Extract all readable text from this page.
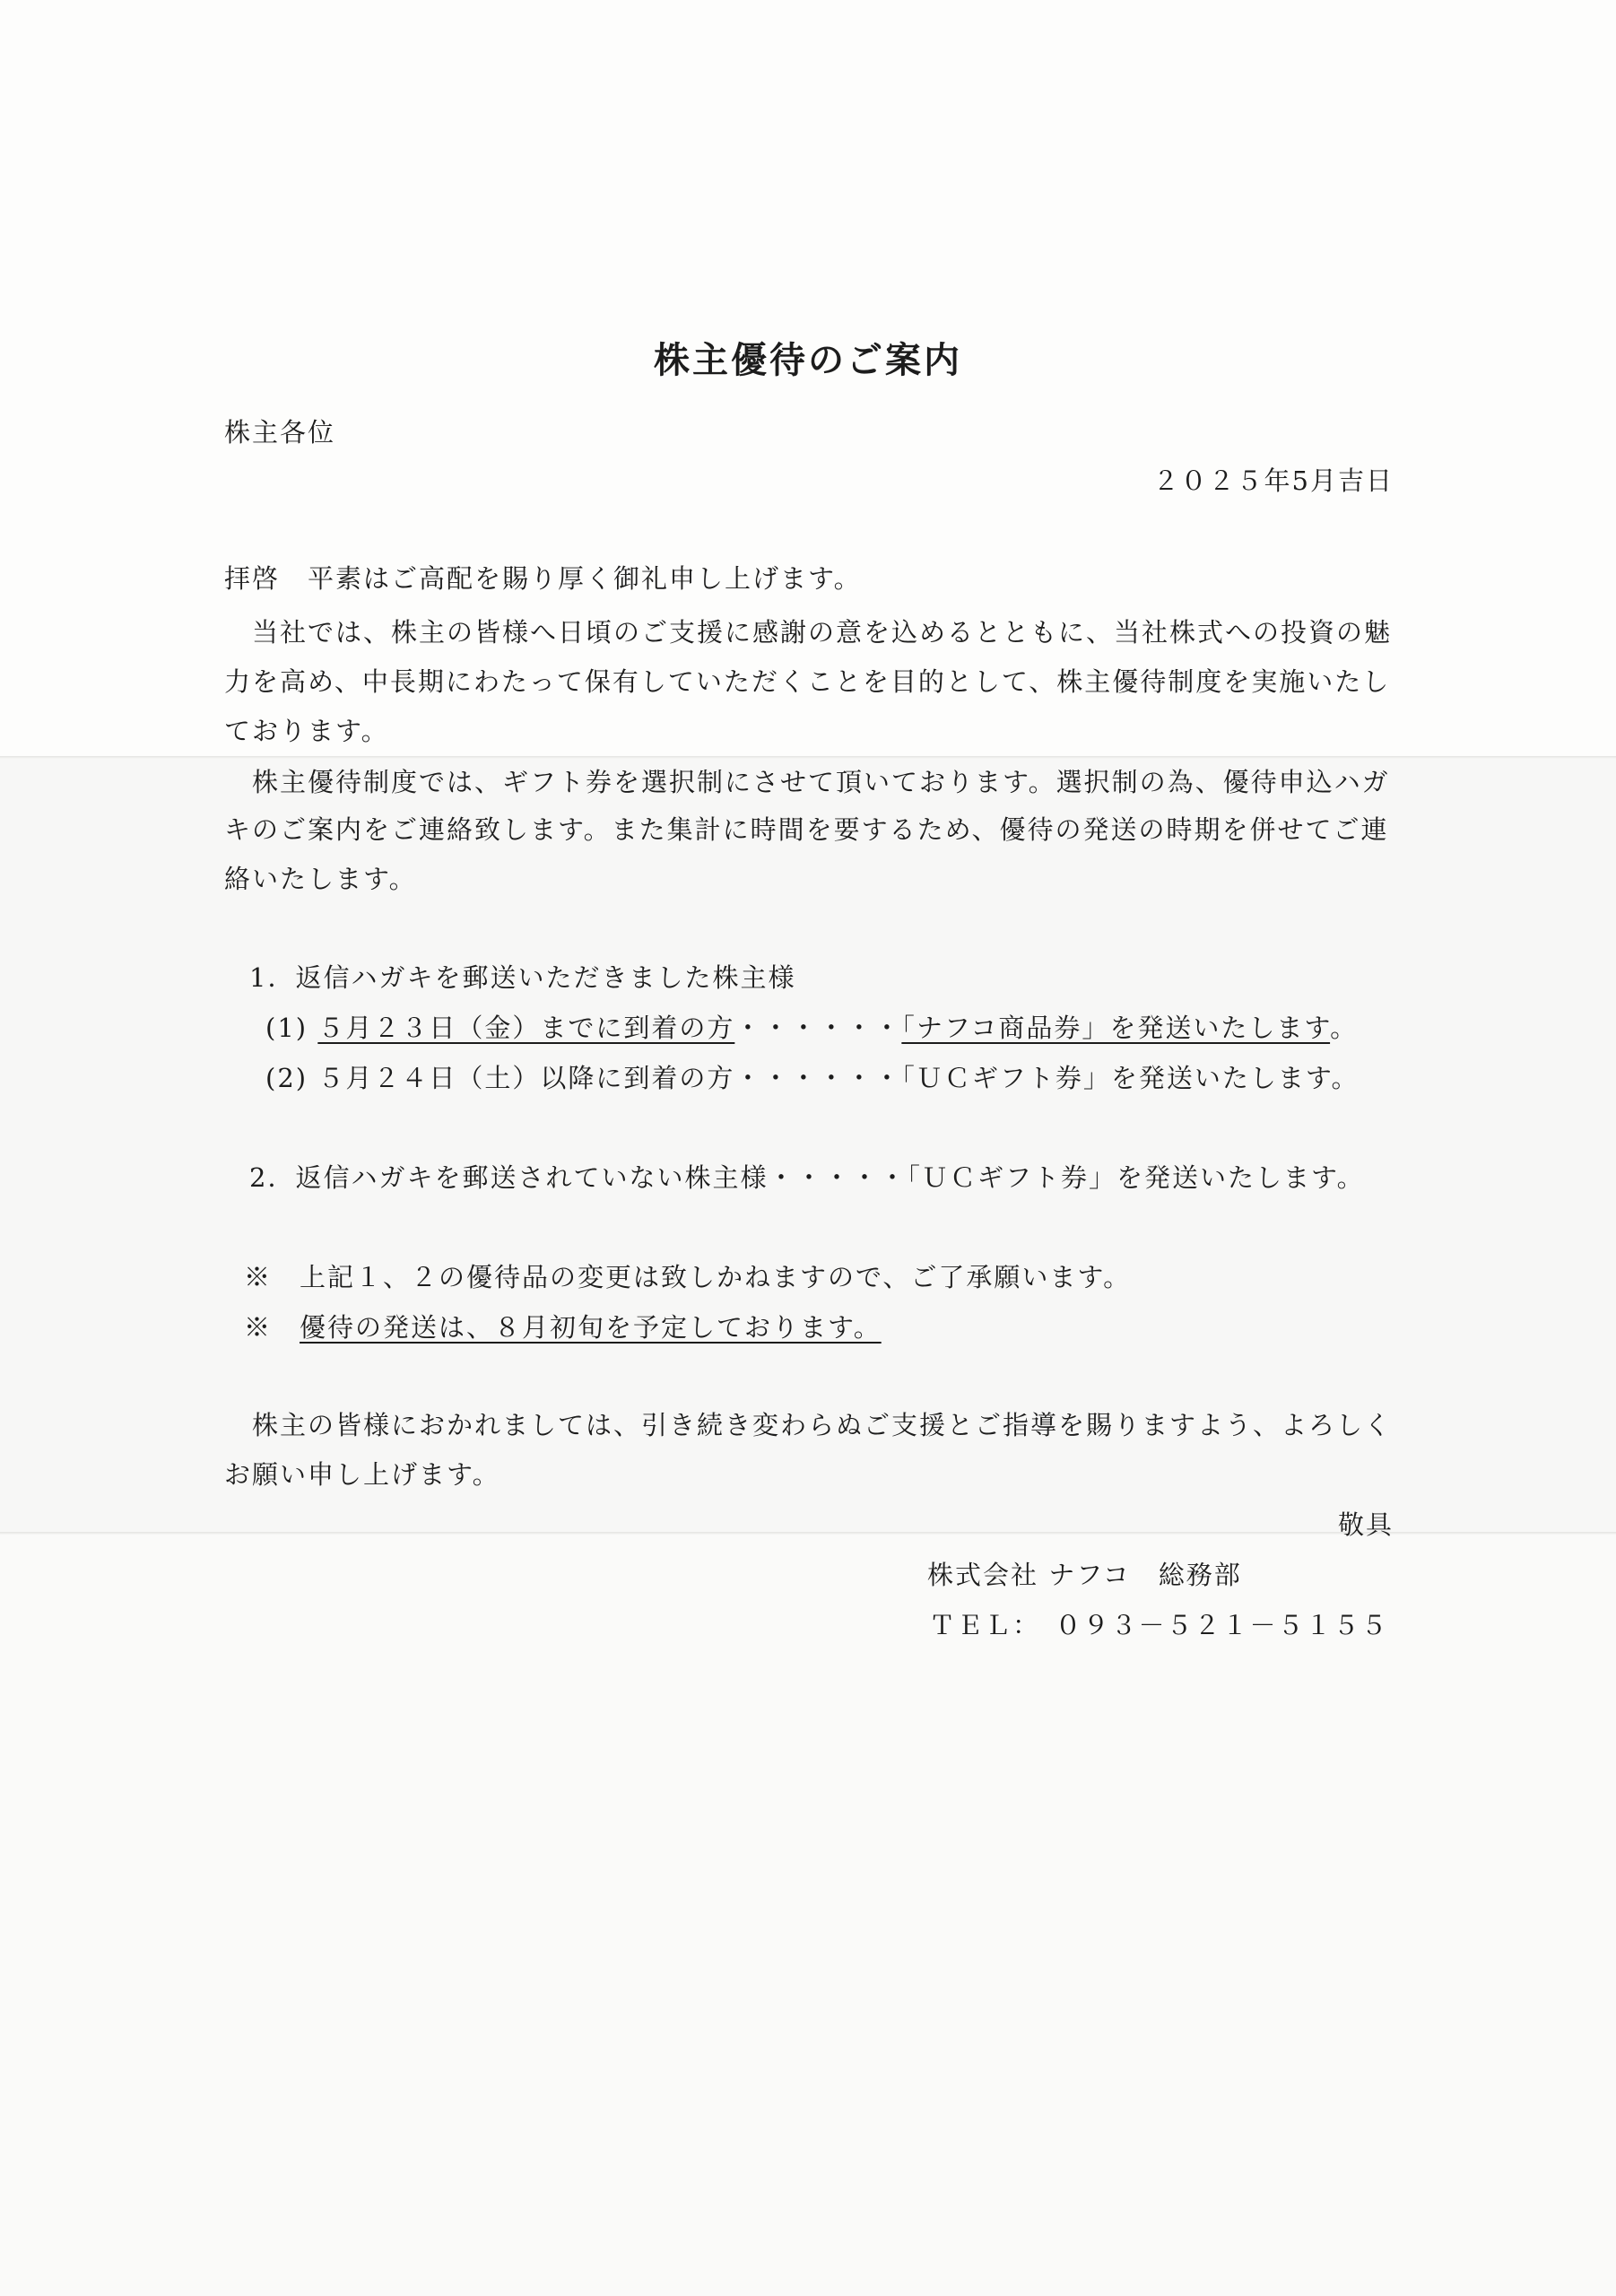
株主優待のご案内

株主各位

２０２５年5月吉日

拝啓　平素はご高配を賜り厚く御礼申し上げます。

　当社では、株主の皆様へ日頃のご支援に感謝の意を込めるとともに、当社株式への投資の魅

力を高め、中長期にわたって保有していただくことを目的として、株主優待制度を実施いたし

ております。

　株主優待制度では、ギフト券を選択制にさせて頂いております。選択制の為、優待申込ハガ

キのご案内をご連絡致します。また集計に時間を要するため、優待の発送の時期を併せてご連

絡いたします。

1．返信ハガキを郵送いただきました株主様

(1) ５月２３日（金）までに到着の方・・・・・・「ナフコ商品券」を発送いたします。

(2) ５月２４日（土）以降に到着の方・・・・・・「ＵＣギフト券」を発送いたします。

2．返信ハガキを郵送されていない株主様・・・・・「ＵＣギフト券」を発送いたします。

※　上記１、２の優待品の変更は致しかねますので、ご了承願います。

※　優待の発送は、８月初旬を予定しております。

　株主の皆様におかれましては、引き続き変わらぬご支援とご指導を賜りますよう、よろしく

お願い申し上げます。

敬具

株式会社 ナフコ　総務部

ＴＥＬ：　０９３－５２１－５１５５
